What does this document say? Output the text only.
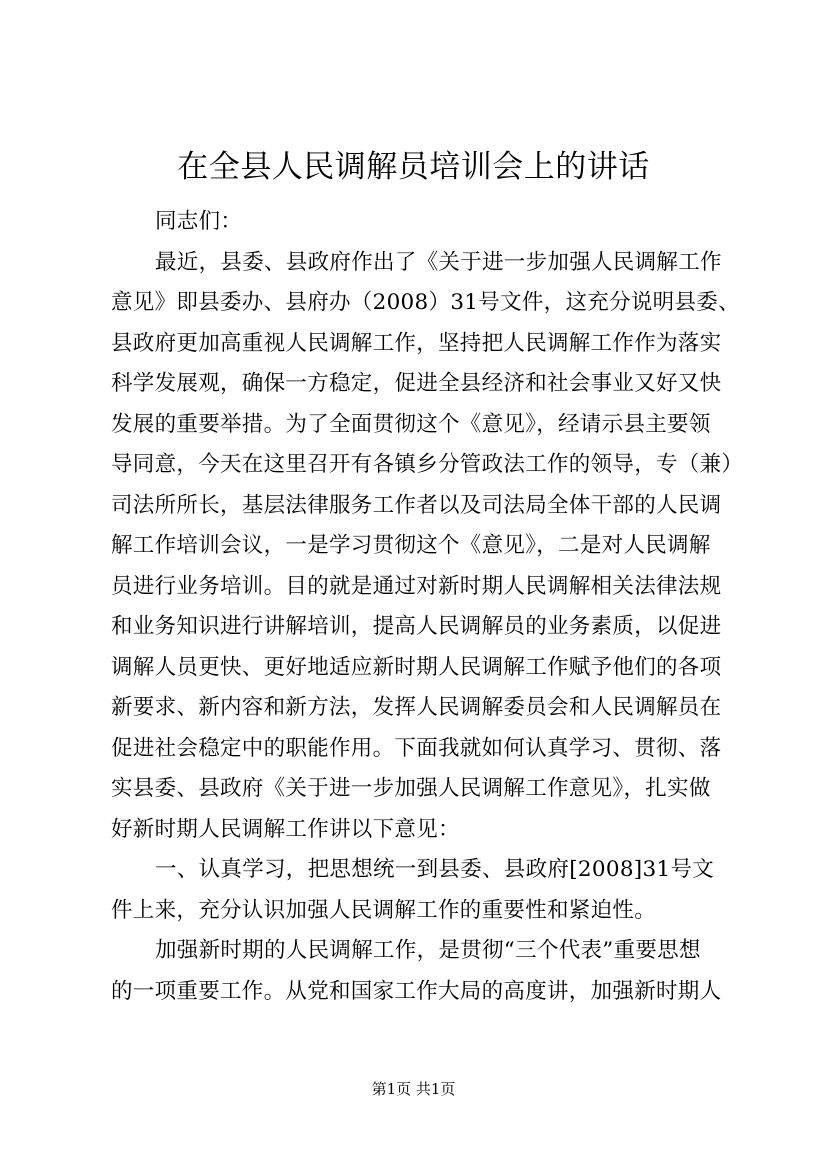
在全县人民调解员培训会上的讲话

同志们：

最近，县委、县政府作出了《关于进一步加强人民调解工作

意见》即县委办、县府办（2008）31号文件，这充分说明县委、

县政府更加高重视人民调解工作，坚持把人民调解工作作为落实

科学发展观，确保一方稳定，促进全县经济和社会事业又好又快

发展的重要举措。为了全面贯彻这个《意见》，经请示县主要领

导同意，今天在这里召开有各镇乡分管政法工作的领导，专（兼）

司法所所长，基层法律服务工作者以及司法局全体干部的人民调

解工作培训会议，一是学习贯彻这个《意见》，二是对人民调解

员进行业务培训。目的就是通过对新时期人民调解相关法律法规

和业务知识进行讲解培训，提高人民调解员的业务素质，以促进

调解人员更快、更好地适应新时期人民调解工作赋予他们的各项

新要求、新内容和新方法，发挥人民调解委员会和人民调解员在

促进社会稳定中的职能作用。下面我就如何认真学习、贯彻、落

实县委、县政府《关于进一步加强人民调解工作意见》，扎实做

好新时期人民调解工作讲以下意见：

一、认真学习，把思想统一到县委、县政府[2008]31号文

件上来，充分认识加强人民调解工作的重要性和紧迫性。

加强新时期的人民调解工作，是贯彻“三个代表”重要思想

的一项重要工作。从党和国家工作大局的高度讲，加强新时期人

第1页 共1页
